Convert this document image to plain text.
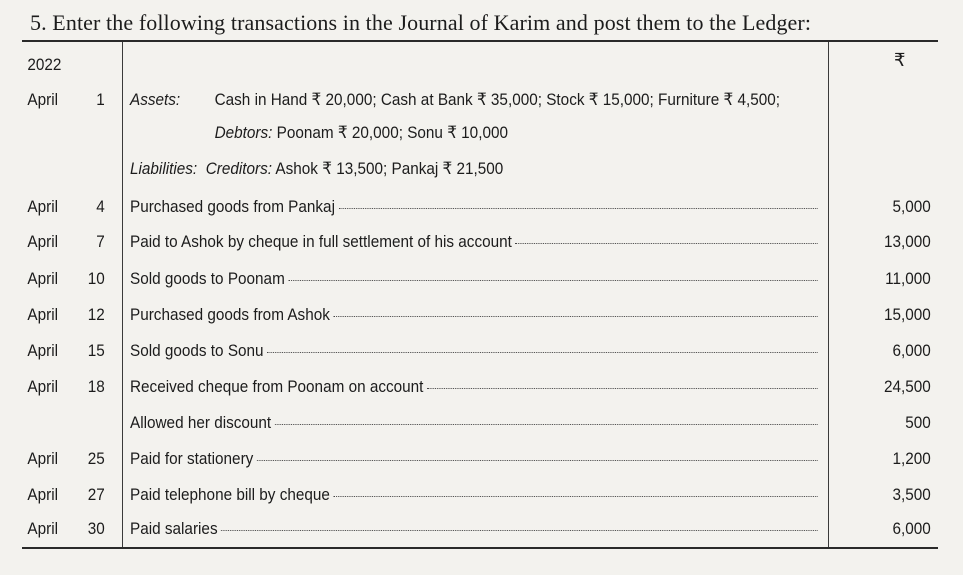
5. Enter the following transactions in the Journal of Karim and post them to the Ledger:
2022	₹
April	1 Assets: Cash in Hand ₹ 20,000; Cash at Bank ₹ 35,000; Stock ₹ 15,000; Furniture ₹ 4,500;
Debtors: Poonam ₹ 20,000; Sonu ₹ 10,000
Liabilities: Creditors: Ashok ₹ 13,500; Pankaj ₹ 21,500
April	4 Purchased goods from Pankaj	5,000
April	7 Paid to Ashok by cheque in full settlement of his account	13,000
April	10 Sold goods to Poonam	11,000
April	12 Purchased goods from Ashok	15,000
April	15 Sold goods to Sonu	6,000
April	18 Received cheque from Poonam on account	24,500
Allowed her discount	500
April	25 Paid for stationery	1,200
April	27 Paid telephone bill by cheque	3,500
April	30 Paid salaries	6,000
